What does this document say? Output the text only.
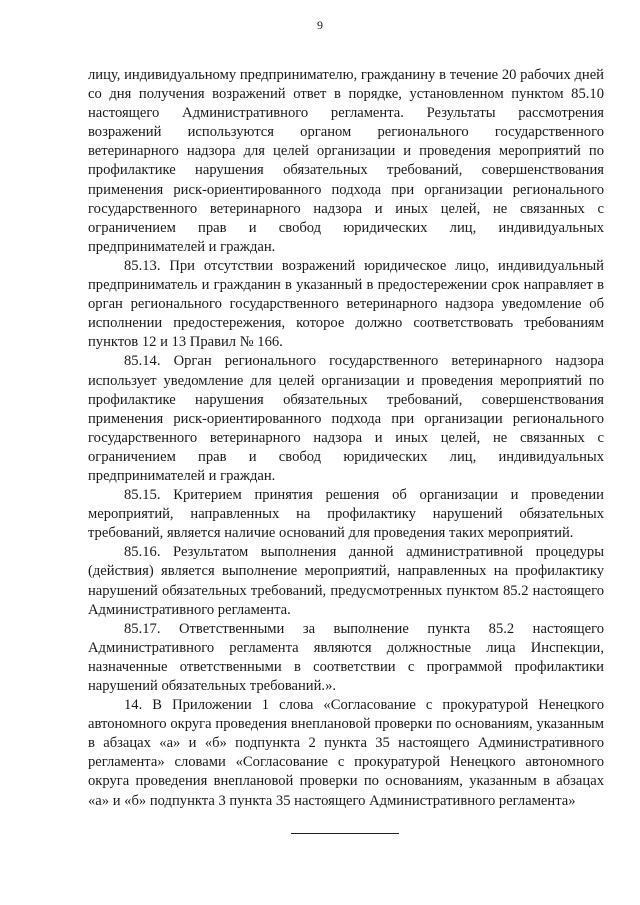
9

лицу, индивидуальному предпринимателю, гражданину в течение 20 рабочих дней со дня получения возражений ответ в порядке, установленном пунктом 85.10 настоящего Административного регламента. Результаты рассмотрения возражений используются органом регионального государственного ветеринарного надзора для целей организации и проведения мероприятий по профилактике нарушения обязательных требований, совершенствования применения риск-ориентированного подхода при организации регионального государственного ветеринарного надзора и иных целей, не связанных с ограничением прав и свобод юридических лиц, индивидуальных предпринимателей и граждан.

85.13. При отсутствии возражений юридическое лицо, индивидуальный предприниматель и гражданин в указанный в предостережении срок направляет в орган регионального государственного ветеринарного надзора уведомление об исполнении предостережения, которое должно соответствовать требованиям пунктов 12 и 13 Правил № 166.

85.14. Орган регионального государственного ветеринарного надзора использует уведомление для целей организации и проведения мероприятий по профилактике нарушения обязательных требований, совершенствования применения риск-ориентированного подхода при организации регионального государственного ветеринарного надзора и иных целей, не связанных с ограничением прав и свобод юридических лиц, индивидуальных предпринимателей и граждан.

85.15. Критерием принятия решения об организации и проведении мероприятий, направленных на профилактику нарушений обязательных требований, является наличие оснований для проведения таких мероприятий.

85.16. Результатом выполнения данной административной процедуры (действия) является выполнение мероприятий, направленных на профилактику нарушений обязательных требований, предусмотренных пунктом 85.2 настоящего Административного регламента.

85.17. Ответственными за выполнение пункта 85.2 настоящего Административного регламента являются должностные лица Инспекции, назначенные ответственными в соответствии с программой профилактики нарушений обязательных требований.».

14. В Приложении 1 слова «Согласование с прокуратурой Ненецкого автономного округа проведения внеплановой проверки по основаниям, указанным в абзацах «а» и «б» подпункта 2 пункта 35 настоящего Административного регламента» словами «Согласование с прокуратурой Ненецкого автономного округа проведения внеплановой проверки по основаниям, указанным в абзацах «а» и «б» подпункта 3 пункта 35 настоящего Административного регламента»
